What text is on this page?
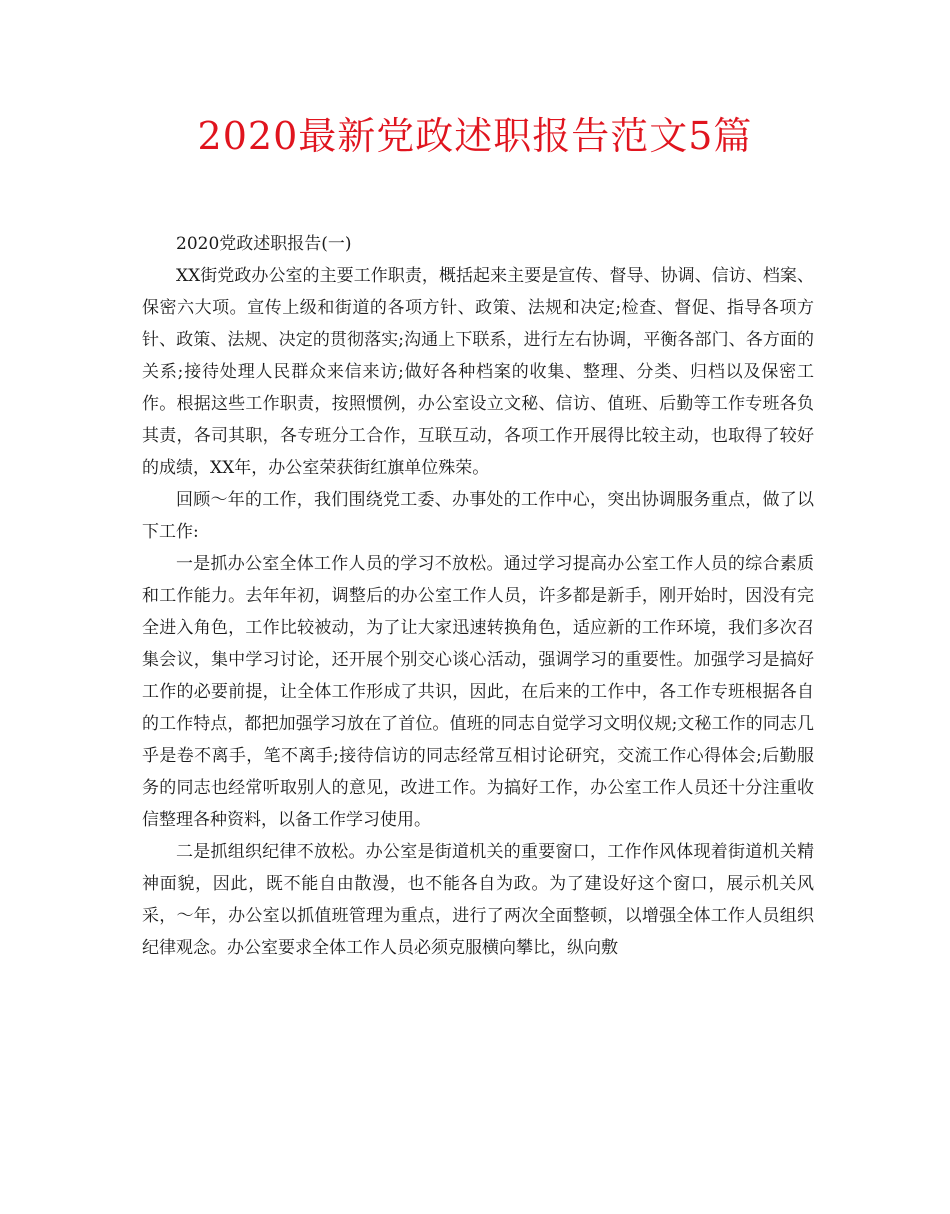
2020最新党政述职报告范文5篇

2020党政述职报告(一)

XX街党政办公室的主要工作职责，概括起来主要是宣传、督导、协调、信访、档案、保密六大项。宣传上级和街道的各项方针、政策、法规和决定;检查、督促、指导各项方针、政策、法规、决定的贯彻落实;沟通上下联系，进行左右协调，平衡各部门、各方面的关系;接待处理人民群众来信来访;做好各种档案的收集、整理、分类、归档以及保密工作。根据这些工作职责，按照惯例，办公室设立文秘、信访、值班、后勤等工作专班各负其责，各司其职，各专班分工合作，互联互动，各项工作开展得比较主动，也取得了较好的成绩，XX年，办公室荣获街红旗单位殊荣。

回顾～年的工作，我们围绕党工委、办事处的工作中心，突出协调服务重点，做了以下工作:

一是抓办公室全体工作人员的学习不放松。通过学习提高办公室工作人员的综合素质和工作能力。去年年初，调整后的办公室工作人员，许多都是新手，刚开始时，因没有完全进入角色，工作比较被动，为了让大家迅速转换角色，适应新的工作环境，我们多次召集会议，集中学习讨论，还开展个别交心谈心活动，强调学习的重要性。加强学习是搞好工作的必要前提，让全体工作形成了共识，因此，在后来的工作中，各工作专班根据各自的工作特点，都把加强学习放在了首位。值班的同志自觉学习文明仪规;文秘工作的同志几乎是卷不离手，笔不离手;接待信访的同志经常互相讨论研究，交流工作心得体会;后勤服务的同志也经常听取别人的意见，改进工作。为搞好工作，办公室工作人员还十分注重收信整理各种资料，以备工作学习使用。

二是抓组织纪律不放松。办公室是街道机关的重要窗口，工作作风体现着街道机关精神面貌，因此，既不能自由散漫，也不能各自为政。为了建设好这个窗口，展示机关风采，～年，办公室以抓值班管理为重点，进行了两次全面整顿，以增强全体工作人员组织纪律观念。办公室要求全体工作人员必须克服横向攀比，纵向敷
